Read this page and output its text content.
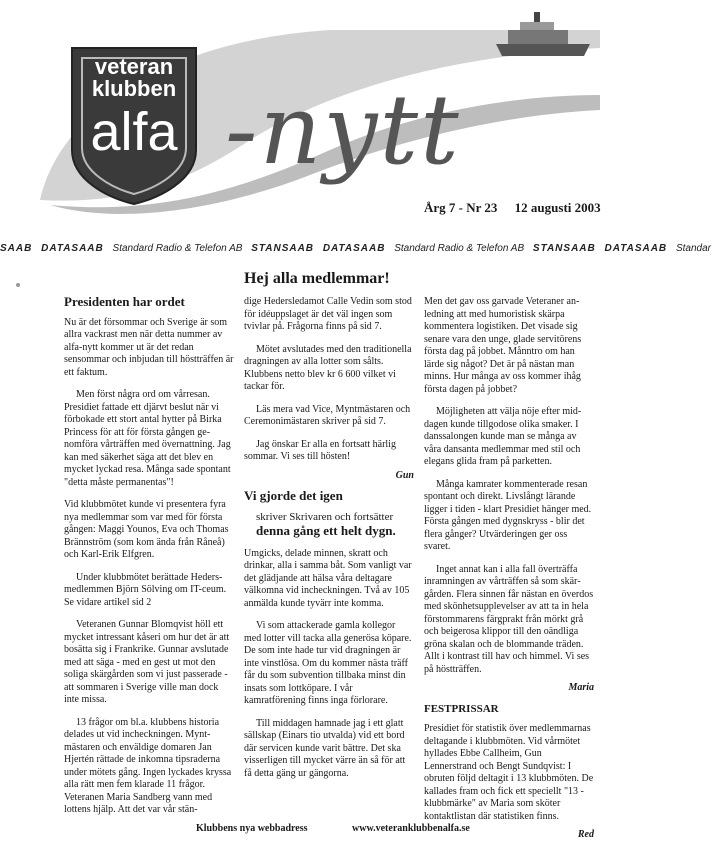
veteran
klubben
alfa -nytt
Årg 7 - Nr 23 12 augusti 2003
SAAB DATASAAB Standard Radio & Telefon AB STANSAAB DATASAAB Standard Radio & Telefon AB STANSAAB DATASAAB Standar
Hej alla medlemmar!
Presidenten har ordet

Nu är det försommar och Sverige är som allra vackrast men när detta nummer av alfa-nytt kommer ut är det redan sensommar och inbjudan till höstträffen är ett faktum.

Men först några ord om vårresan. Presidiet fattade ett djärvt beslut när vi förbokade ett stort antal hytter på Birka Princess för att för första gången genomföra vårträffen med övernattning. Jag kan med säkerhet säga att det blev en mycket lyckad resa. Många sade spontant "detta måste permanentas"!

Vid klubbmötet kunde vi presentera fyra nya medlemmar som var med för första gången: Maggi Younos, Eva och Thomas Brännström (som kom ända från Råneå) och Karl-Erik Elfgren.

Under klubbmötet berättade Hedersmedlemmen Björn Sölving om IT-ceum. Se vidare artikel sid 2

Veteranen Gunnar Blomqvist höll ett mycket intressant kåseri om hur det är att bosätta sig i Frankrike. Gunnar avslutade med att säga - med en gest ut mot den soliga skärgården som vi just passerade - att sommaren i Sverige ville man dock inte missa.

13 frågor om bl.a. klubbens historia delades ut vid incheckningen. Myntmästaren och enväldige domaren Jan Hjertén rättade de inkomna tipsraderna under mötets gång. Ingen lyckades kryssa alla rätt men fem klarade 11 frågor. Veteranen Maria Sandberg vann med lottens hjälp. Att det var vår stän-

dige Hedersledamot Calle Vedin som stod för idéuppslaget är det väl ingen som tvivlar på. Frågorna finns på sid 7.

Mötet avslutades med den traditionella dragningen av alla lotter som sålts. Klubbens netto blev kr 6 600 vilket vi tackar för.

Läs mera vad Vice, Myntmästaren och Ceremonimästaren skriver på sid 7.

Jag önskar Er alla en fortsatt härlig sommar. Vi ses till hösten!

Gun
Vi gjorde det igen
skriver Skrivaren och fortsätter
denna gång ett helt dygn.

Umgicks, delade minnen, skratt och drinkar, alla i samma båt. Som vanligt var det glädjande att hälsa våra deltagare välkomna vid incheckningen. Två av 105 anmälda kunde tyvärr inte komma.

Vi som attackerade gamla kollegor med lotter vill tacka alla generösa köpare. De som inte hade tur vid dragningen är inte vinstlösa. Om du kommer nästa träff får du som subvention tillbaka minst din insats som lottköpare. I vår kamratförening finns inga förlorare.

Till middagen hamnade jag i ett glatt sällskap (Einars tio utvalda) vid ett bord där servicen kunde varit bättre. Det ska visserligen till mycket värre än så för att få detta gäng ur gängorna.

Men det gav oss garvade Veteraner anledning att med humoristisk skärpa kommentera logistiken. Det visade sig senare vara den unge, glade servitörens första dag på jobbet. Månntro om han lärde sig något? Det är på nästan man minns. Hur många av oss kommer ihåg första dagen på jobbet?

Möjligheten att välja nöje efter middagen kunde tillgodose olika smaker. I danssalongen kunde man se många av våra dansanta medlemmar med stil och elegans glida fram på parketten.

Många kamrater kommenterade resan spontant och direkt. Livslångt lärande ligger i tiden - klart Presidiet hänger med. Första gången med dygnskryss - blir det flera gånger? Utvärderingen ger oss svaret.

Inget annat kan i alla fall överträffa inramningen av vårträffen så som skärgården. Flera sinnen får nästan en överdos med skönhetsupplevelser av att ta in hela förstommarens färgprakt från mörkt grå och beigerosa klippor till den oändliga gröna skalan och de blommande träden. Allt i kontrast till hav och himmel. Vi ses på höstträffen.

Maria
FESTPRISSAR

Presidiet för statistik över medlemmarnas deltagande i klubbmöten. Vid vårmötet hyllades Ebbe Callheim, Gun Lennerstrand och Bengt Sundqvist: I obruten följd deltagit i 13 klubbmöten. De kallades fram och fick ett speciellt "13 - klubbmärke" av Maria som sköter kontaktlistan där statistiken finns.

Red
Klubbens nya webbadress	www.veteranklubbenalfa.se
